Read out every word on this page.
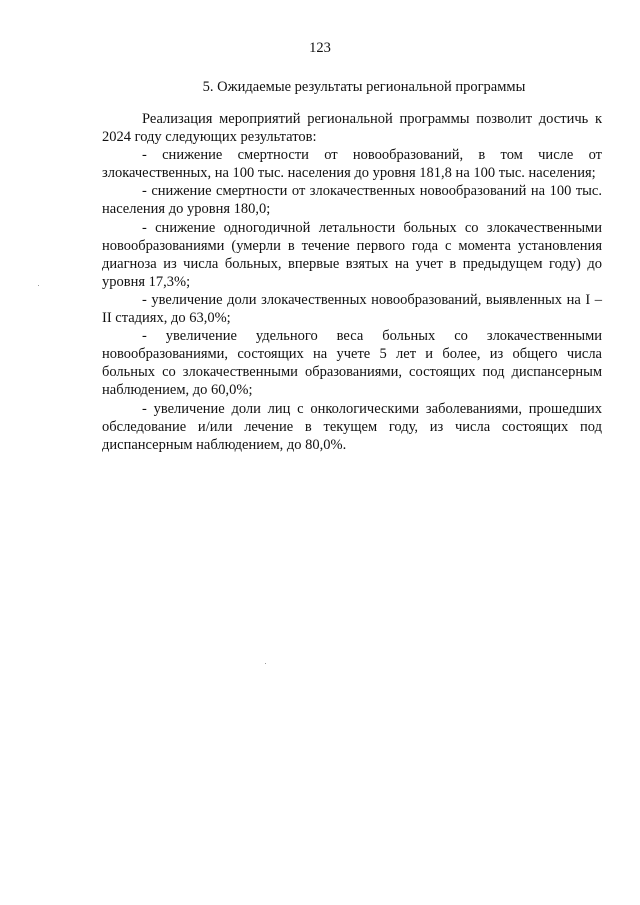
123
5. Ожидаемые результаты региональной программы

Реализация мероприятий региональной программы позволит достичь к 2024 году следующих результатов:

- снижение смертности от новообразований, в том числе от злокачественных, на 100 тыс. населения до уровня 181,8 на 100 тыс. населения;

- снижение смертности от злокачественных новообразований на 100 тыс. населения до уровня 180,0;

- снижение одногодичной летальности больных со злокачественными новообразованиями (умерли в течение первого года с момента установления диагноза из числа больных, впервые взятых на учет в предыдущем году) до уровня 17,3%;

- увеличение доли злокачественных новообразований, выявленных на I – II стадиях, до 63,0%;

- увеличение удельного веса больных со злокачественными новообразованиями, состоящих на учете 5 лет и более, из общего числа больных со злокачественными образованиями, состоящих под диспансерным наблюдением, до 60,0%;

- увеличение доли лиц с онкологическими заболеваниями, прошедших обследование и/или лечение в текущем году, из числа состоящих под диспансерным наблюдением, до 80,0%.
